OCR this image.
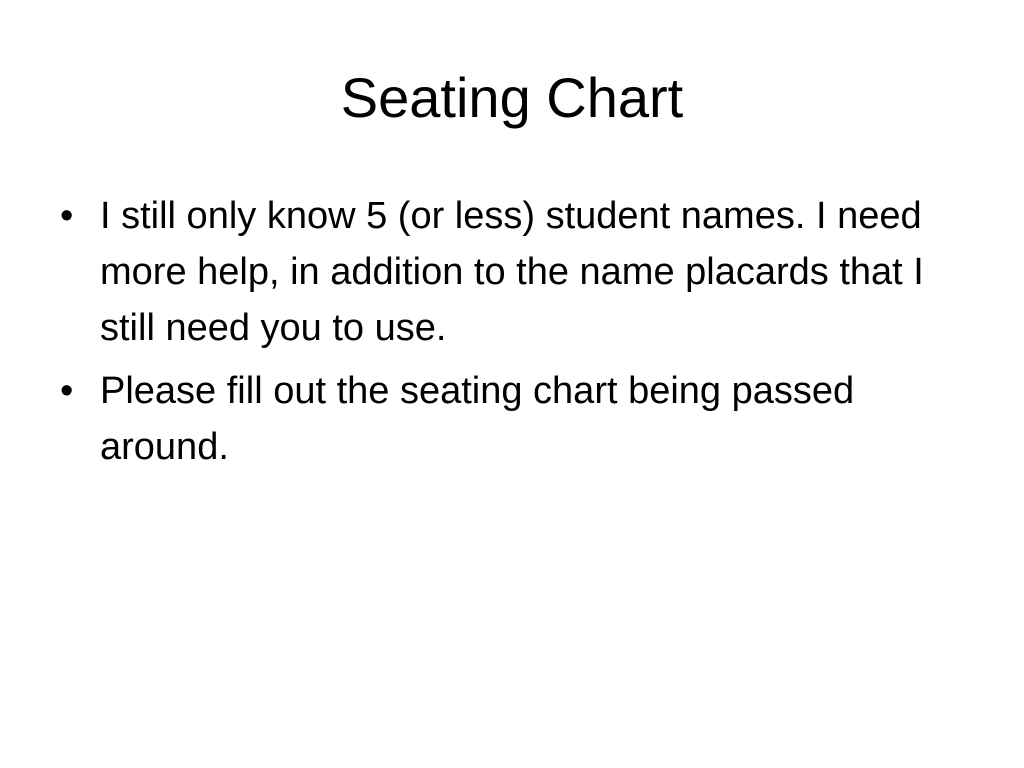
Seating Chart
• I still only know 5 (or less) student names. I need more help, in addition to the name placards that I still need you to use.
• Please fill out the seating chart being passed around.
